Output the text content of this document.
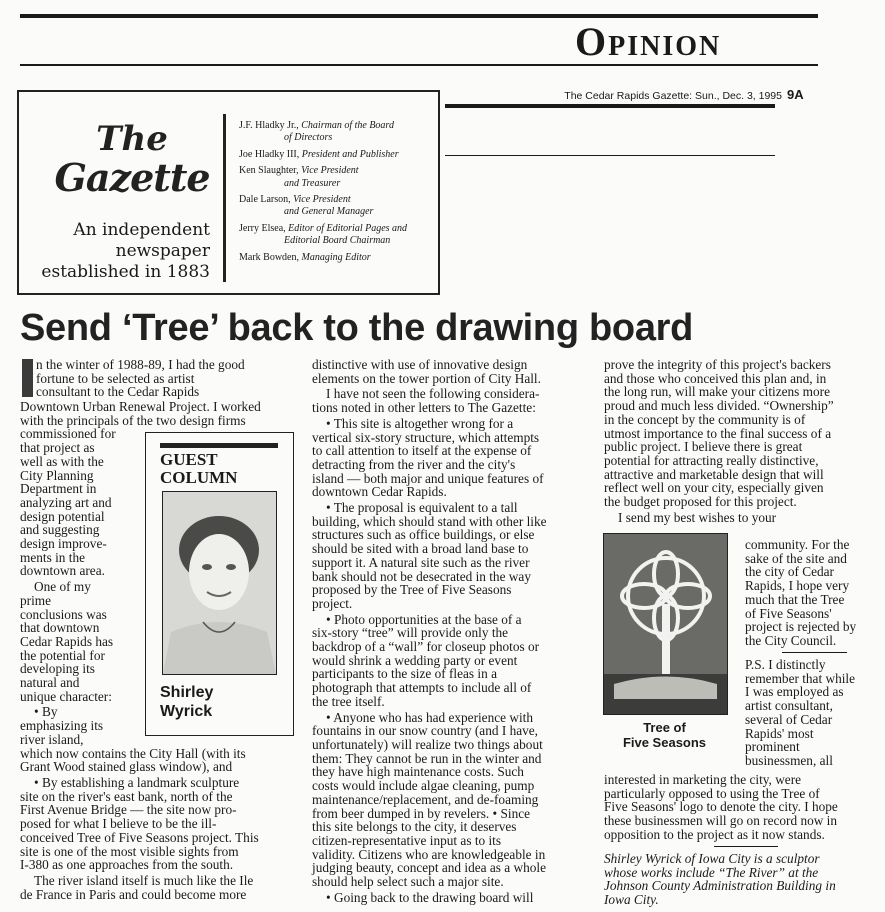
Opinion
The
Gazette
An independent
newspaper
established in 1883
J.F. Hladky Jr., Chairman of the Board
of Directors
Joe Hladky III, President and Publisher
Ken Slaughter, Vice President
and Treasurer
Dale Larson, Vice President
and General Manager
Jerry Elsea, Editor of Editorial Pages and
Editorial Board Chairman
Mark Bowden, Managing Editor
The Cedar Rapids Gazette: Sun., Dec. 3, 1995 9A
Send ‘Tree’ back to the drawing board
n the winter of 1988-89, I had the good
fortune to be selected as artist
consultant to the Cedar Rapids
Downtown Urban Renewal Project. I worked
with the principals of the two design firms
commissioned for
that project as
well as with the
City Planning
Department in
analyzing art and
design potential
and suggesting
design improve-
ments in the
downtown area.
One of my
prime
conclusions was
that downtown
Cedar Rapids has
the potential for
developing its
natural and
unique character:
• By
emphasizing its
river island,
which now contains the City Hall (with its
Grant Wood stained glass window), and
• By establishing a landmark sculpture
site on the river's east bank, north of the
First Avenue Bridge — the site now pro-
posed for what I believe to be the ill-
conceived Tree of Five Seasons project. This
site is one of the most visible sights from
I-380 as one approaches from the south.
The river island itself is much like the Ile
de France in Paris and could become more
GUEST
COLUMN
Shirley
Wyrick
distinctive with use of innovative design
elements on the tower portion of City Hall.
I have not seen the following considera-
tions noted in other letters to The Gazette:
• This site is altogether wrong for a
vertical six-story structure, which attempts
to call attention to itself at the expense of
detracting from the river and the city's
island — both major and unique features of
downtown Cedar Rapids.
• The proposal is equivalent to a tall
building, which should stand with other like
structures such as office buildings, or else
should be sited with a broad land base to
support it. A natural site such as the river
bank should not be desecrated in the way
proposed by the Tree of Five Seasons
project.
• Photo opportunities at the base of a
six-story “tree” will provide only the
backdrop of a “wall” for closeup photos or
would shrink a wedding party or event
participants to the size of fleas in a
photograph that attempts to include all of
the tree itself.
• Anyone who has had experience with
fountains in our snow country (and I have,
unfortunately) will realize two things about
them: They cannot be run in the winter and
they have high maintenance costs. Such
costs would include algae cleaning, pump
maintenance/replacement, and de-foaming
from beer dumped in by revelers. • Since
this site belongs to the city, it deserves
citizen-representative input as to its
validity. Citizens who are knowledgeable in
judging beauty, concept and idea as a whole
should help select such a major site.
• Going back to the drawing board will
prove the integrity of this project's backers
and those who conceived this plan and, in
the long run, will make your citizens more
proud and much less divided. “Ownership”
in the concept by the community is of
utmost importance to the final success of a
public project. I believe there is great
potential for attracting really distinctive,
attractive and marketable design that will
reflect well on your city, especially given
the budget proposed for this project.
I send my best wishes to your
Tree of
Five Seasons
community. For the
sake of the site and
the city of Cedar
Rapids, I hope very
much that the Tree
of Five Seasons'
project is rejected by
the City Council.
P.S. I distinctly
remember that while
I was employed as
artist consultant,
several of Cedar
Rapids' most
prominent
businessmen, all
interested in marketing the city, were
particularly opposed to using the Tree of
Five Seasons' logo to denote the city. I hope
these businessmen will go on record now in
opposition to the project as it now stands.
Shirley Wyrick of Iowa City is a sculptor
whose works include “The River” at the
Johnson County Administration Building in
Iowa City.
